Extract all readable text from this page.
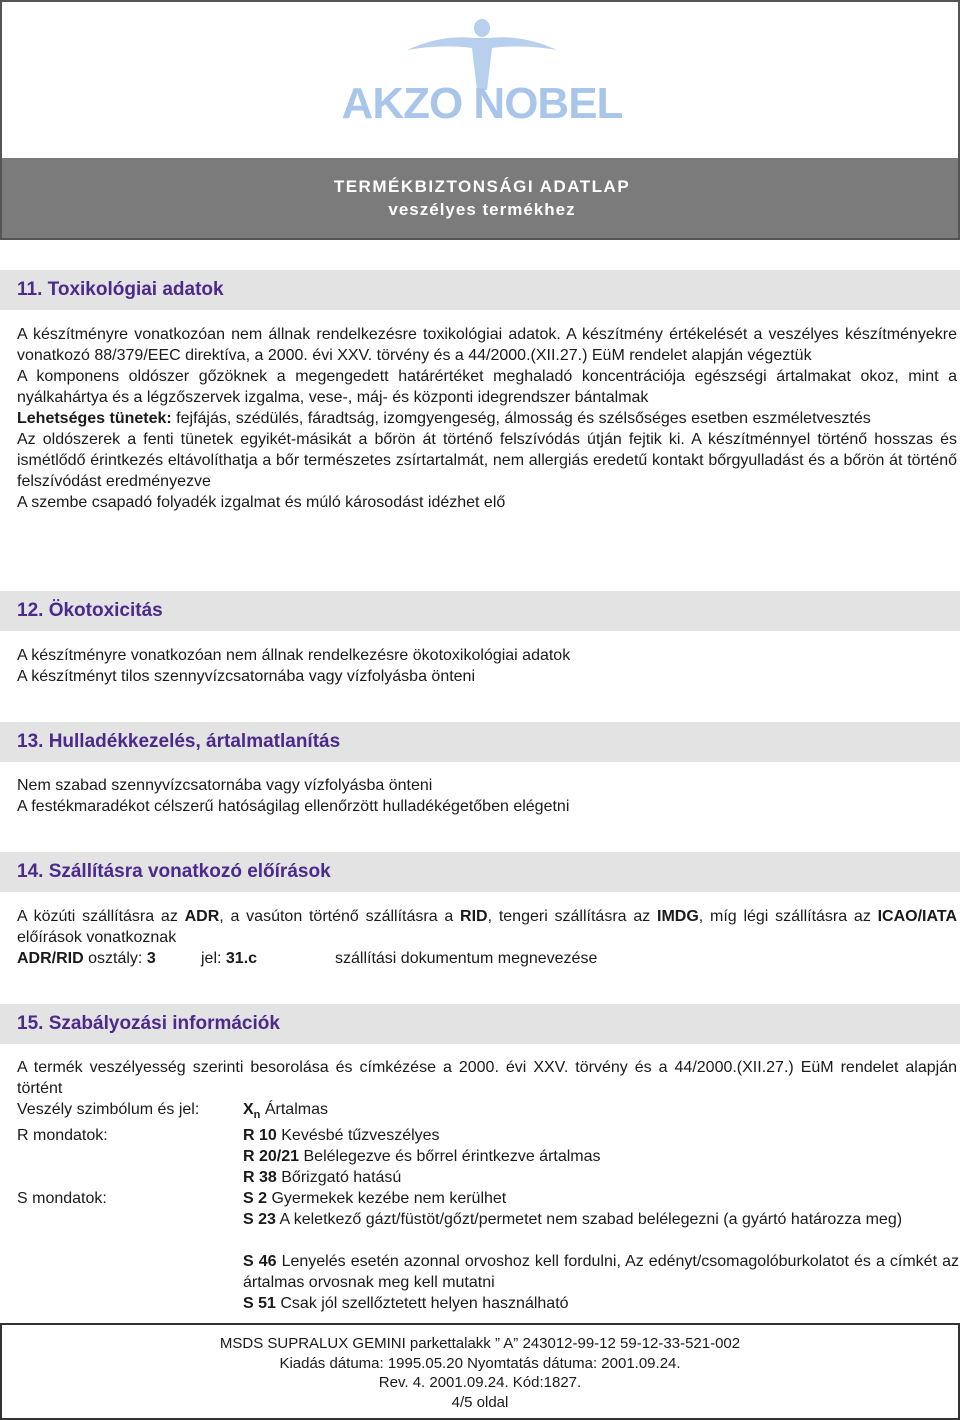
AKZO NOBEL
TERMÉKBIZTONSÁGI ADATLAP
veszélyes termékhez
11. Toxikológiai adatok

A készítményre vonatkozóan nem állnak rendelkezésre toxikológiai adatok. A készítmény értékelését a veszélyes készítményekre vonatkozó 88/379/EEC direktíva, a 2000. évi XXV. törvény és a 44/2000.(XII.27.) EüM rendelet alapján végeztük

A komponens oldószer gőzöknek a megengedett határértéket meghaladó koncentrációja egészségi ártalmakat okoz, mint a nyálkahártya és a légzőszervek izgalma, vese-, máj- és központi idegrendszer bántalmak

Lehetséges tünetek: fejfájás, szédülés, fáradtság, izomgyengeség, álmosság és szélsőséges esetben eszméletvesztés

Az oldószerek a fenti tünetek egyikét-másikát a bőrön át történő felszívódás útján fejtik ki. A készítménnyel történő hosszas és ismétlődő érintkezés eltávolíthatja a bőr természetes zsírtartalmát, nem allergiás eredetű kontakt bőrgyulladást és a bőrön át történő felszívódást eredményezve

A szembe csapadó folyadék izgalmat és múló károsodást idézhet elő

12. Ökotoxicitás

A készítményre vonatkozóan nem állnak rendelkezésre ökotoxikológiai adatok

A készítményt tilos szennyvízcsatornába vagy vízfolyásba önteni

13. Hulladékkezelés, ártalmatlanítás

Nem szabad szennyvízcsatornába vagy vízfolyásba önteni

A festékmaradékot célszerű hatóságilag ellenőrzött hulladékégetőben elégetni

14. Szállításra vonatkozó előírások

A közúti szállításra az ADR, a vasúton történő szállításra a RID, tengeri szállításra az IMDG, míg légi szállításra az ICAO/IATA előírások vonatkoznak

ADR/RID osztály: 3	jel: 31.c	szállítási dokumentum megnevezése
15. Szabályozási információk

A termék veszélyesség szerinti besorolása és címkézése a 2000. évi XXV. törvény és a 44/2000.(XII.27.) EüM rendelet alapján történt

Veszély szimbólum és jel:	$X_n$ Ártalmas
R mondatok:	R 10 Kevésbé tűzveszélyes
R 20/21 Belélegezve és bőrrel érintkezve ártalmas
R 38 Bőrizgató hatású
S mondatok:	S 2 Gyermekek kezébe nem kerülhet
S 23 A keletkező gázt/füstöt/gőzt/permetet nem szabad belélegezni (a gyártó határozza meg)
S 46 Lenyelés esetén azonnal orvoshoz kell fordulni, Az edényt/csomagolóburkolatot és a címkét az ártalmas orvosnak meg kell mutatni
S 51 Csak jól szellőztetett helyen használható

MSDS SUPRALUX GEMINI parkettalakk ” A” 243012-99-12 59-12-33-521-002

Kiadás dátuma: 1995.05.20 Nyomtatás dátuma: 2001.09.24.

Rev. 4. 2001.09.24. Kód:1827.

4/5 oldal
